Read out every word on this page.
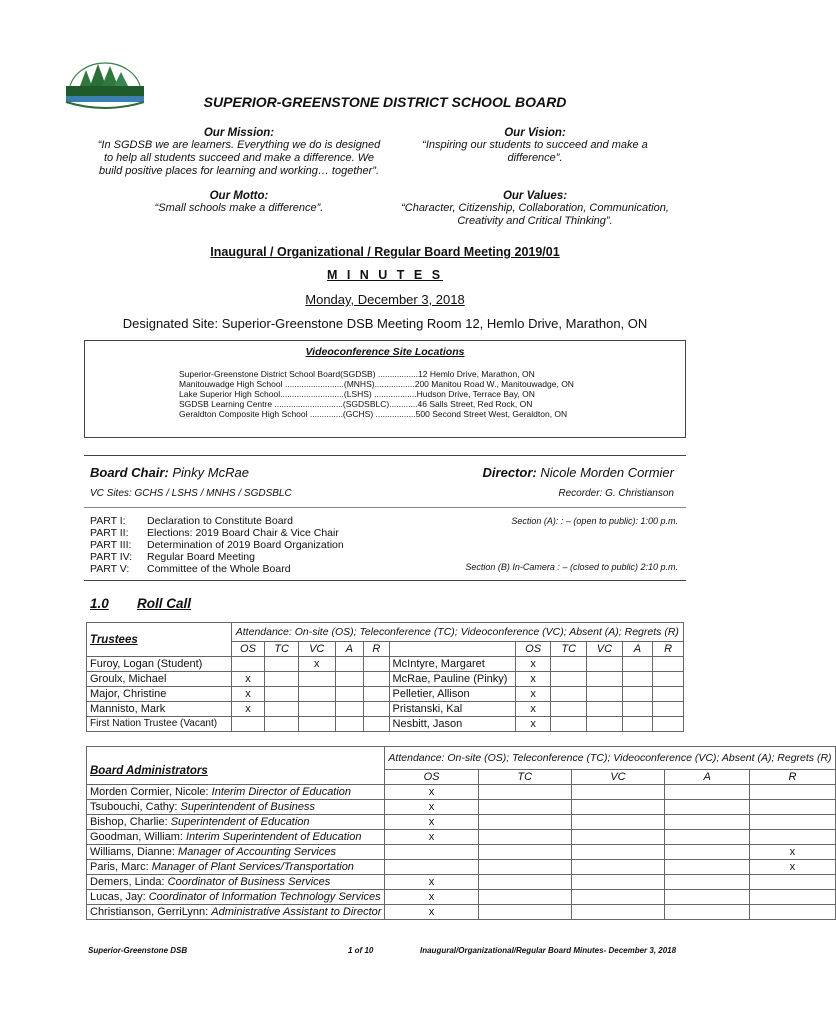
SUPERIOR-GREENSTONE DISTRICT SCHOOL BOARD
Our Mission:
“In SGDSB we are learners. Everything we do is designed
to help all students succeed and make a difference. We
build positive places for learning and working… together”.
Our Vision:
“Inspiring our students to succeed and make a
difference”.
Our Motto:
“Small schools make a difference”.
Our Values:
“Character, Citizenship, Collaboration, Communication,
Creativity and Critical Thinking”.
Inaugural / Organizational / Regular Board Meeting 2019/01
M I N U T E S
Monday, December 3, 2018
Designated Site: Superior-Greenstone DSB Meeting Room 12, Hemlo Drive, Marathon, ON
Videoconference Site Locations
Superior-Greenstone District School Board(SGDSB) .................12 Hemlo Drive, Marathon, ON
Manitouwadge High School .........................(MNHS).................200 Manitou Road W., Manitouwadge, ON
Lake Superior High School...........................(LSHS) ..................Hudson Drive, Terrace Bay, ON
SGDSB Learning Centre .............................(SGDSBLC)............46 Salls Street, Red Rock, ON
Geraldton Composite High School ..............(GCHS) .................500 Second Street West, Geraldton, ON
Board Chair: Pinky McRae	Director: Nicole Morden Cormier
VC Sites: GCHS / LSHS / MNHS / SGDSBLC	Recorder: G. Christianson
PART I: Declaration to Constitute Board
PART II: Elections: 2019 Board Chair & Vice Chair
PART III: Determination of 2019 Board Organization
PART IV: Regular Board Meeting
PART V: Committee of the Whole Board
Section (A): : – (open to public): 1:00 p.m.
Section (B) In-Camera : – (closed to public) 2:10 p.m.
1.0 Roll Call
Trustees	Attendance: On-site (OS); Teleconference (TC); Videoconference (VC); Absent (A); Regrets (R)										
	OS	TC	VC	A	R		OS	TC	VC	A	R
Furoy, Logan (Student)			x			McIntyre, Margaret	x				
Groulx, Michael	x					McRae, Pauline (Pinky)	x				
Major, Christine	x					Pelletier, Allison	x				
Mannisto, Mark	x					Pristanski, Kal	x				
First Nation Trustee (Vacant)						Nesbitt, Jason	x				
Board Administrators	Attendance: On-site (OS); Teleconference (TC); Videoconference (VC); Absent (A); Regrets (R)				
	OS	TC	VC	A	R
Morden Cormier, Nicole: Interim Director of Education	x				
Tsubouchi, Cathy: Superintendent of Business	x				
Bishop, Charlie: Superintendent of Education	x				
Goodman, William: Interim Superintendent of Education	x				
Williams, Dianne: Manager of Accounting Services					x
Paris, Marc: Manager of Plant Services/Transportation					x
Demers, Linda: Coordinator of Business Services	x				
Lucas, Jay: Coordinator of Information Technology Services	x				
Christianson, GerriLynn: Administrative Assistant to Director	x				
Superior-Greenstone DSB	1 of 10	Inaugural/Organizational/Regular Board Minutes- December 3, 2018
